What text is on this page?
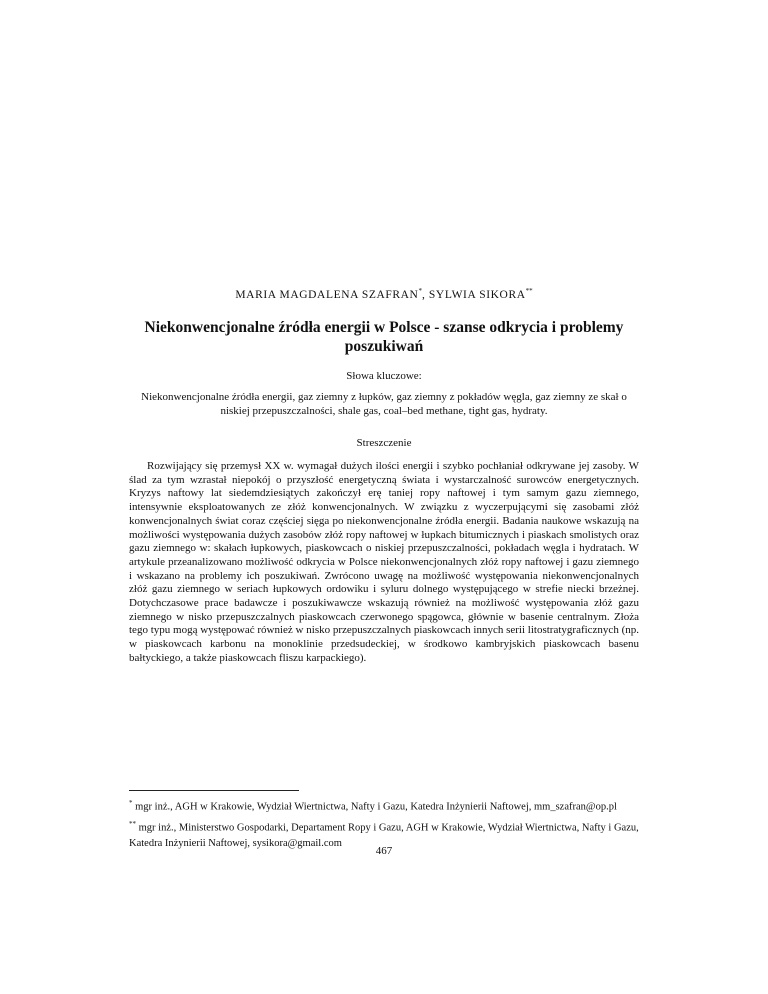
MARIA MAGDALENA SZAFRAN*, SYLWIA SIKORA**
Niekonwencjonalne źródła energii w Polsce - szanse odkrycia i problemy poszukiwań
Słowa kluczowe:
Niekonwencjonalne źródła energii, gaz ziemny z łupków, gaz ziemny z pokładów węgla, gaz ziemny ze skał o niskiej przepuszczalności, shale gas, coal–bed methane, tight gas, hydraty.
Streszczenie

Rozwijający się przemysł XX w. wymagał dużych ilości energii i szybko pochłaniał odkrywane jej zasoby. W ślad za tym wzrastał niepokój o przyszłość energetyczną świata i wystarczalność surowców energetycznych. Kryzys naftowy lat siedemdziesiątych zakończył erę taniej ropy naftowej i tym samym gazu ziemnego, intensywnie eksploatowanych ze złóż konwencjonalnych. W związku z wyczerpującymi się zasobami złóż konwencjonalnych świat coraz częściej sięga po niekonwencjonalne źródła energii. Badania naukowe wskazują na możliwości występowania dużych zasobów złóż ropy naftowej w łupkach bitumicznych i piaskach smolistych oraz gazu ziemnego w: skałach łupkowych, piaskowcach o niskiej przepuszczalności, pokładach węgla i hydratach. W artykule przeanalizowano możliwość odkrycia w Polsce niekonwencjonalnych złóż ropy naftowej i gazu ziemnego i wskazano na problemy ich poszukiwań. Zwrócono uwagę na możliwość występowania niekonwencjonalnych złóż gazu ziemnego w seriach łupkowych ordowiku i syluru dolnego występującego w strefie niecki brzeżnej. Dotychczasowe prace badawcze i poszukiwawcze wskazują również na możliwość występowania złóż gazu ziemnego w nisko przepuszczalnych piaskowcach czerwonego spągowca, głównie w basenie centralnym. Złoża tego typu mogą występować również w nisko przepuszczalnych piaskowcach innych serii litostratygraficznych (np. w piaskowcach karbonu na monoklinie przedsudeckiej, w środkowo kambryjskich piaskowcach basenu bałtyckiego, a także piaskowcach fliszu karpackiego).

* mgr inż., AGH w Krakowie, Wydział Wiertnictwa, Nafty i Gazu, Katedra Inżynierii Naftowej, mm_szafran@op.pl
** mgr inż., Ministerstwo Gospodarki, Departament Ropy i Gazu, AGH w Krakowie, Wydział Wiertnictwa, Nafty i Gazu, Katedra Inżynierii Naftowej, sysikora@gmail.com
467
